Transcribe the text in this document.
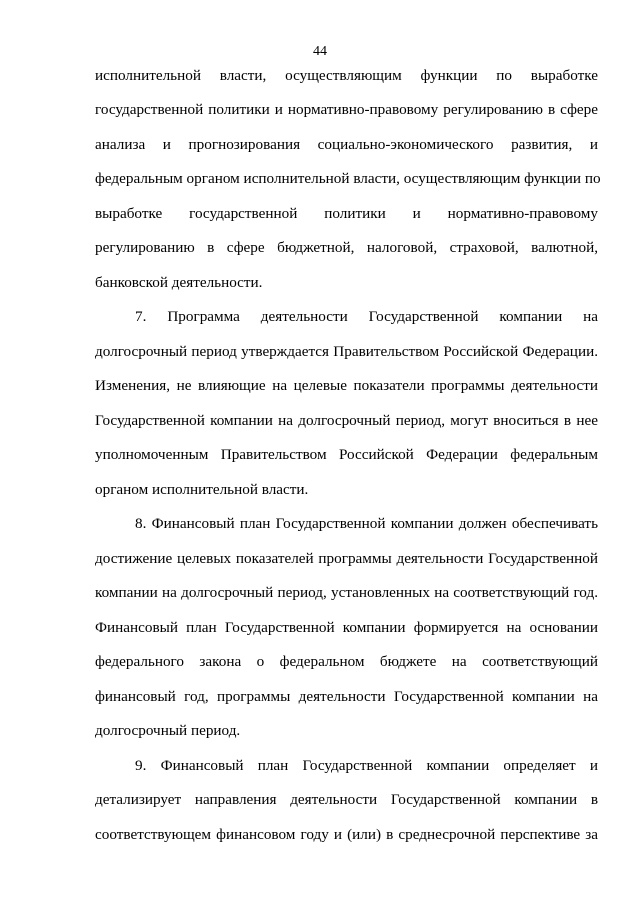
44
исполнительной власти, осуществляющим функции по выработке
государственной политики и нормативно-правовому регулированию в сфере
анализа и прогнозирования социально-экономического развития, и
федеральным органом исполнительной власти, осуществляющим функции по
выработке государственной политики и нормативно-правовому
регулированию в сфере бюджетной, налоговой, страховой, валютной,
банковской деятельности.
7. Программа деятельности Государственной компании на
долгосрочный период утверждается Правительством Российской Федерации.
Изменения, не влияющие на целевые показатели программы деятельности
Государственной компании на долгосрочный период, могут вноситься в нее
уполномоченным Правительством Российской Федерации федеральным
органом исполнительной власти.
8. Финансовый план Государственной компании должен обеспечивать
достижение целевых показателей программы деятельности Государственной
компании на долгосрочный период, установленных на соответствующий год.
Финансовый план Государственной компании формируется на основании
федерального закона о федеральном бюджете на соответствующий
финансовый год, программы деятельности Государственной компании на
долгосрочный период.
9. Финансовый план Государственной компании определяет и
детализирует направления деятельности Государственной компании в
соответствующем финансовом году и (или) в среднесрочной перспективе за
